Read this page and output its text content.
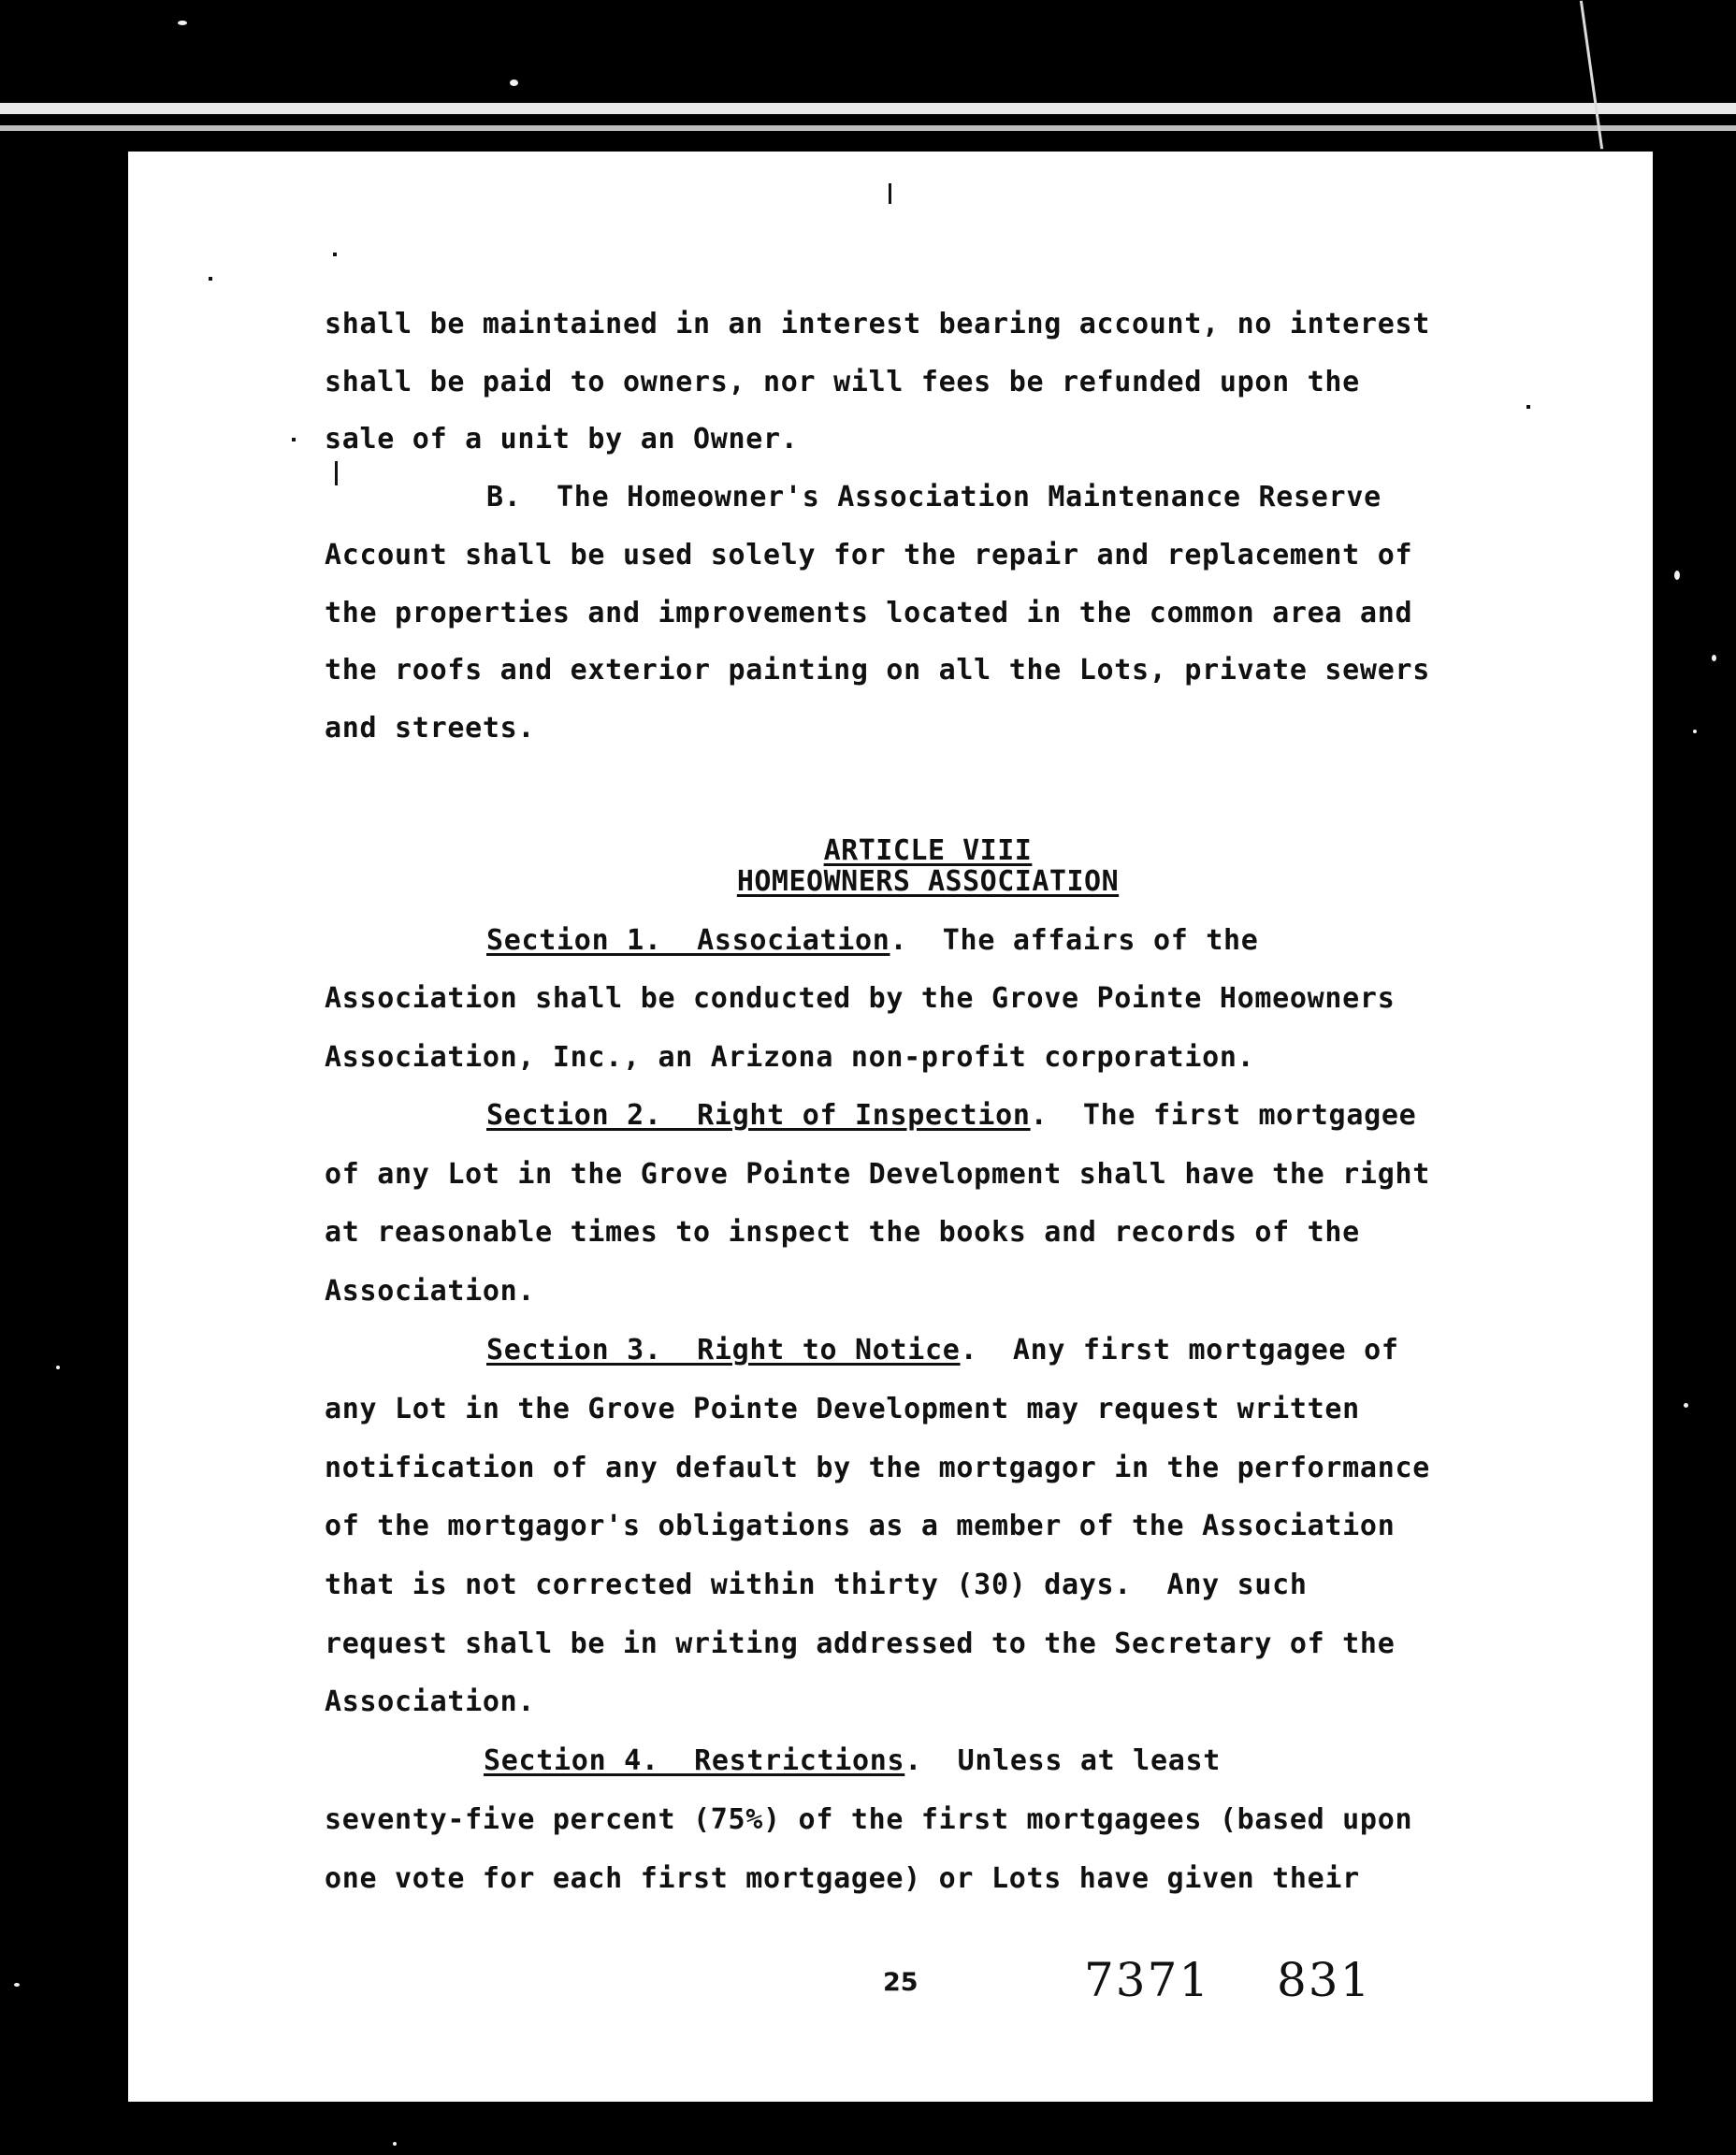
shall be maintained in an interest bearing account, no interest
shall be paid to owners, nor will fees be refunded upon the
sale of a unit by an Owner.
B.  The Homeowner's Association Maintenance Reserve
Account shall be used solely for the repair and replacement of
the properties and improvements located in the common area and
the roofs and exterior painting on all the Lots, private sewers
and streets.
ARTICLE VIII
HOMEOWNERS ASSOCIATION
Section 1.  Association.  The affairs of the
Association shall be conducted by the Grove Pointe Homeowners
Association, Inc., an Arizona non-profit corporation.
Section 2.  Right of Inspection.  The first mortgagee
of any Lot in the Grove Pointe Development shall have the right
at reasonable times to inspect the books and records of the
Association.
Section 3.  Right to Notice.  Any first mortgagee of
any Lot in the Grove Pointe Development may request written
notification of any default by the mortgagor in the performance
of the mortgagor's obligations as a member of the Association
that is not corrected within thirty (30) days.  Any such
request shall be in writing addressed to the Secretary of the
Association.
Section 4.  Restrictions.  Unless at least
seventy-five percent (75%) of the first mortgagees (based upon
one vote for each first mortgagee) or Lots have given their
25	7371 831
